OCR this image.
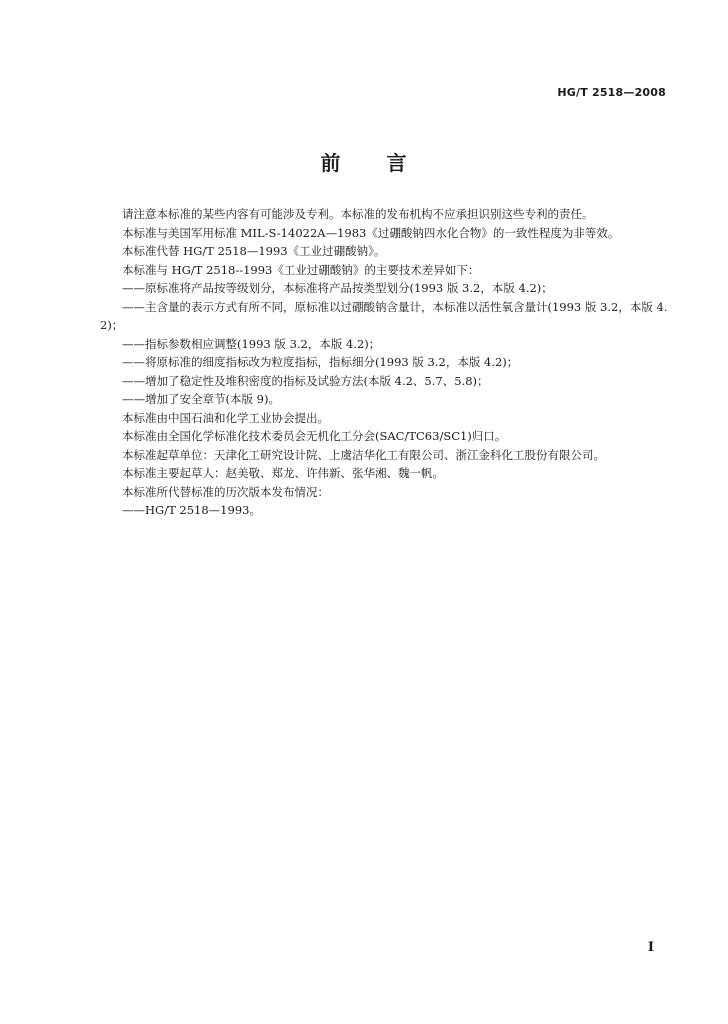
HG/T 2518—2008
前 言

请注意本标准的某些内容有可能涉及专利。本标准的发布机构不应承担识别这些专利的责任。

本标准与美国军用标准 MIL-S-14022A—1983《过硼酸钠四水化合物》的一致性程度为非等效。

本标准代替 HG/T 2518—1993《工业过硼酸钠》。

本标准与 HG/T 2518--1993《工业过硼酸钠》的主要技术差异如下：

——原标准将产品按等级划分，本标准将产品按类型划分(1993 版 3.2，本版 4.2)；

——主含量的表示方式有所不同，原标准以过硼酸钠含量计，本标准以活性氧含量计(1993 版 3.2，本版 4.2)；

——指标参数相应调整(1993 版 3.2，本版 4.2)；

——将原标准的细度指标改为粒度指标，指标细分(1993 版 3.2，本版 4.2)；

——增加了稳定性及堆积密度的指标及试验方法(本版 4.2、5.7、5.8)；

——增加了安全章节(本版 9)。

本标准由中国石油和化学工业协会提出。

本标准由全国化学标准化技术委员会无机化工分会(SAC/TC63/SC1)归口。

本标准起草单位：天津化工研究设计院、上虞洁华化工有限公司、浙江金科化工股份有限公司。

本标准主要起草人：赵美敬、郑龙、许伟新、张华湘、魏一帆。

本标准所代替标准的历次版本发布情况：

——HG/T 2518—1993。

I
